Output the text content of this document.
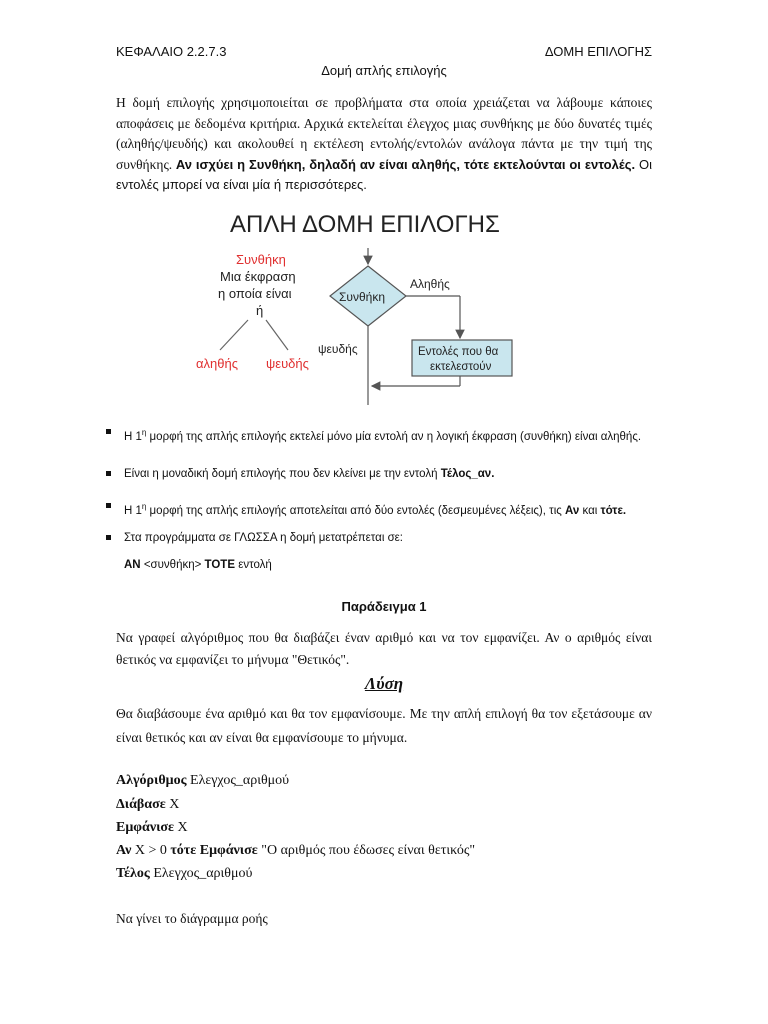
ΚΕΦΑΛΑΙΟ 2.2.7.3	ΔΟΜΗ ΕΠΙΛΟΓΗΣ
Δομή απλής επιλογής
Η δομή επιλογής χρησιμοποιείται σε προβλήματα στα οποία χρειάζεται να λάβουμε κάποιες αποφάσεις με δεδομένα κριτήρια. Αρχικά εκτελείται έλεγχος μιας συνθήκης με δύο δυνατές τιμές (αληθής/ψευδής) και ακολουθεί η εκτέλεση εντολής/εντολών ανάλογα πάντα με την τιμή της συνθήκης. Αν ισχύει η Συνθήκη, δηλαδή αν είναι αληθής, τότε εκτελούνται οι εντολές. Οι εντολές μπορεί να είναι μία ή περισσότερες.
ΑΠΛΗ ΔΟΜΗ ΕΠΙΛΟΓΗΣ
Συνθήκη
Μια έκφραση
η οποία είναι
ή
αληθής ψευδής
Συνθήκη
Αληθής
Εντολές που θα
εκτελεστούν
ψευδής
Η $1^\eta$ μορφή της απλής επιλογής εκτελεί μόνο μία εντολή αν η λογική έκφραση (συνθήκη) είναι αληθής.
Είναι η μοναδική δομή επιλογής που δεν κλείνει με την εντολή Τέλος_αν.
Η $1^\eta$ μορφή της απλής επιλογής αποτελείται από δύο εντολές (δεσμευμένες λέξεις), τις Αν και τότε.
Στα προγράμματα σε ΓΛΩΣΣΑ η δομή μετατρέπεται σε:
ΑΝ <συνθήκη> ΤΟΤΕ εντολή
Παράδειγμα 1
Να γραφεί αλγόριθμος που θα διαβάζει έναν αριθμό και να τον εμφανίζει. Αν ο αριθμός είναι θετικός να εμφανίζει το μήνυμα "Θετικός".
Λύση
Θα διαβάσουμε ένα αριθμό και θα τον εμφανίσουμε. Με την απλή επιλογή θα τον εξετάσουμε αν είναι θετικός και αν είναι θα εμφανίσουμε το μήνυμα.
Αλγόριθμος Ελεγχος_αριθμού
Διάβασε Χ
Εμφάνισε Χ
Αν Χ > 0 τότε Εμφάνισε "Ο αριθμός που έδωσες είναι θετικός"
Τέλος Ελεγχος_αριθμού
Να γίνει το διάγραμμα ροής
